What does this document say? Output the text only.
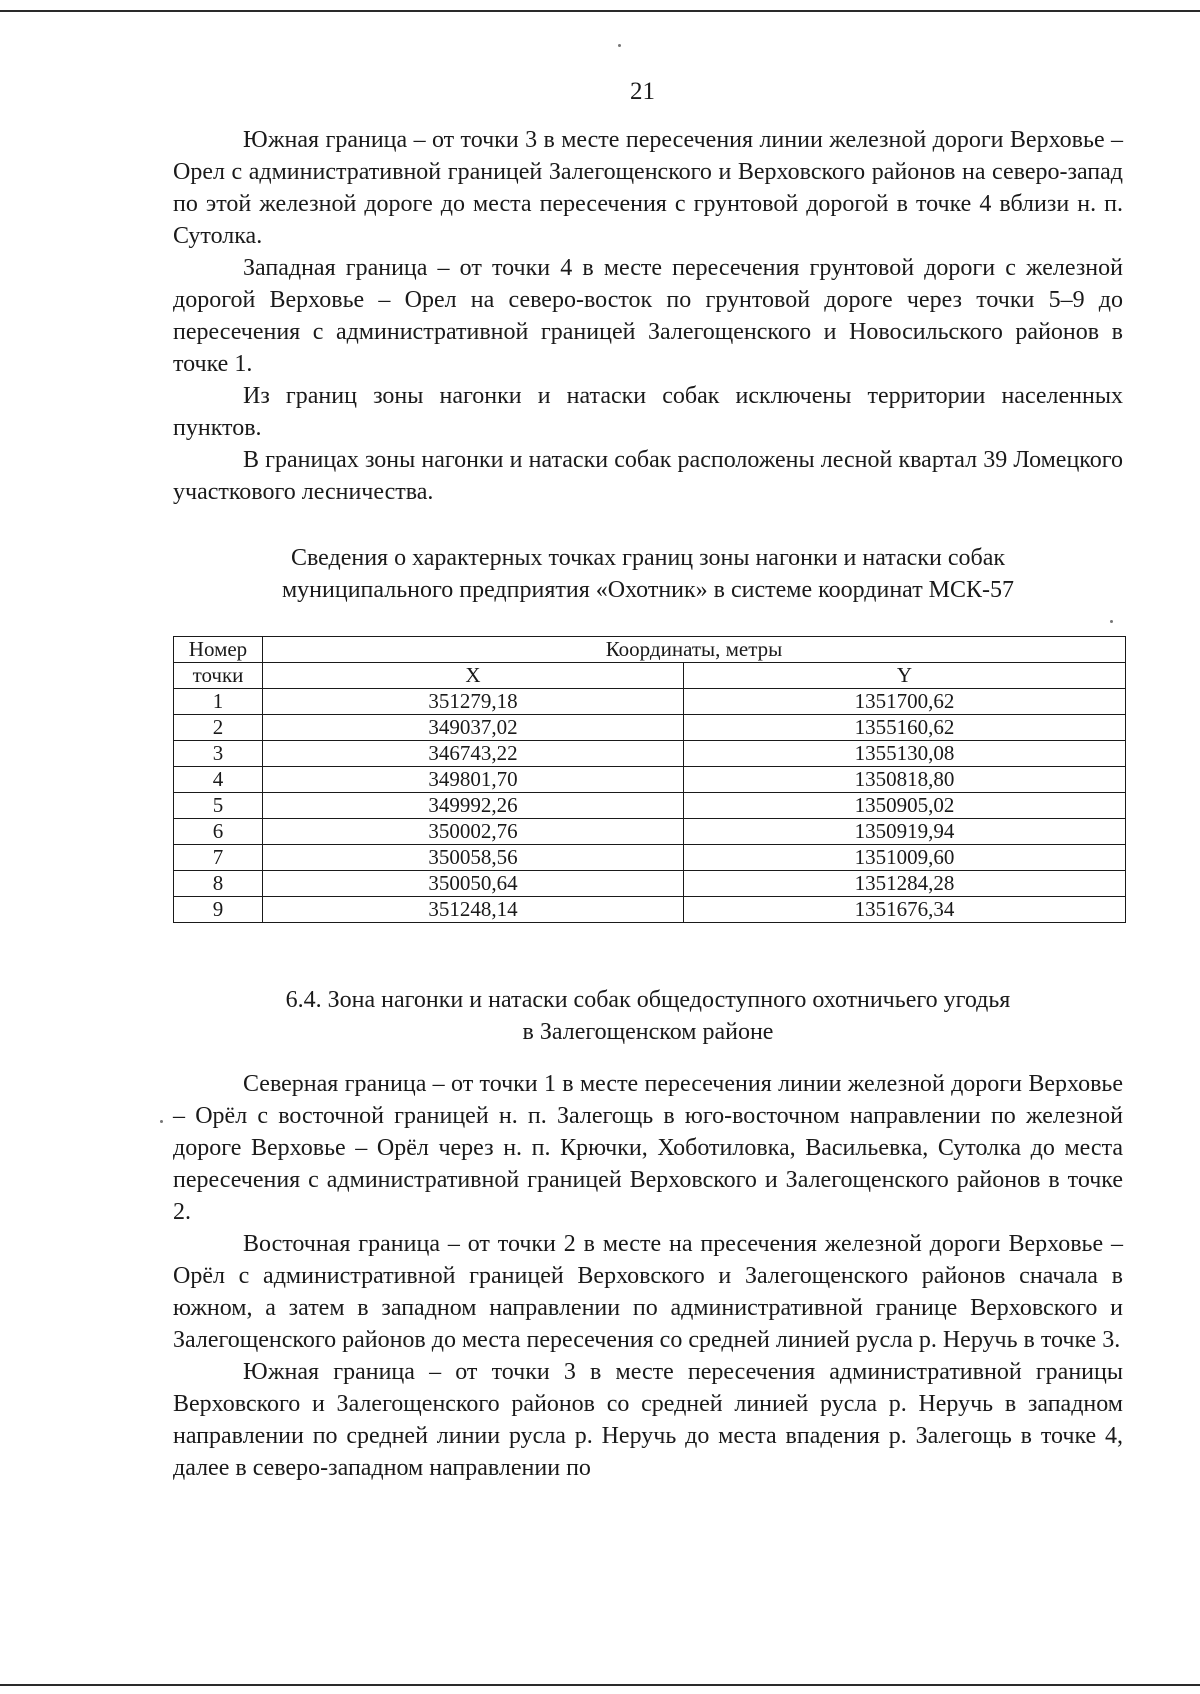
21

Южная граница – от точки 3 в месте пересечения линии железной дороги Верховье – Орел с административной границей Залегощенского и Верховского районов на северо-запад по этой железной дороге до места пересечения с грунтовой дорогой в точке 4 вблизи н. п. Сутолка.

Западная граница – от точки 4 в месте пересечения грунтовой дороги с железной дорогой Верховье – Орел на северо-восток по грунтовой дороге через точки 5–9 до пересечения с административной границей Залегощенского и Новосильского районов в точке 1.

Из границ зоны нагонки и натаски собак исключены территории населенных пунктов.

В границах зоны нагонки и натаски собак расположены лесной квартал 39 Ломецкого участкового лесничества.

Сведения о характерных точках границ зоны нагонки и натаски собак
муниципального предприятия «Охотник» в системе координат МСК-57
Номер	Координаты, метры	
точки	X	Y
1	351279,18	1351700,62
2	349037,02	1355160,62
3	346743,22	1355130,08
4	349801,70	1350818,80
5	349992,26	1350905,02
6	350002,76	1350919,94
7	350058,56	1351009,60
8	350050,64	1351284,28
9	351248,14	1351676,34
6.4. Зона нагонки и натаски собак общедоступного охотничьего угодья
в Залегощенском районе

Северная граница – от точки 1 в месте пересечения линии железной дороги Верховье – Орёл с восточной границей н. п. Залегощь в юго-восточном направлении по железной дороге Верховье – Орёл через н. п. Крючки, Хоботиловка, Васильевка, Сутолка до места пересечения с административной границей Верховского и Залегощенского районов в точке 2.

Восточная граница – от точки 2 в месте на пресечения железной дороги Верховье – Орёл с административной границей Верховского и Залегощенского районов сначала в южном, а затем в западном направлении по административной границе Верховского и Залегощенского районов до места пересечения со средней линией русла р. Неручь в точке 3.

Южная граница – от точки 3 в месте пересечения административной границы Верховского и Залегощенского районов со средней линией русла р. Неручь в западном направлении по средней линии русла р. Неручь до места впадения р. Залегощь в точке 4, далее в северо-западном направлении по
